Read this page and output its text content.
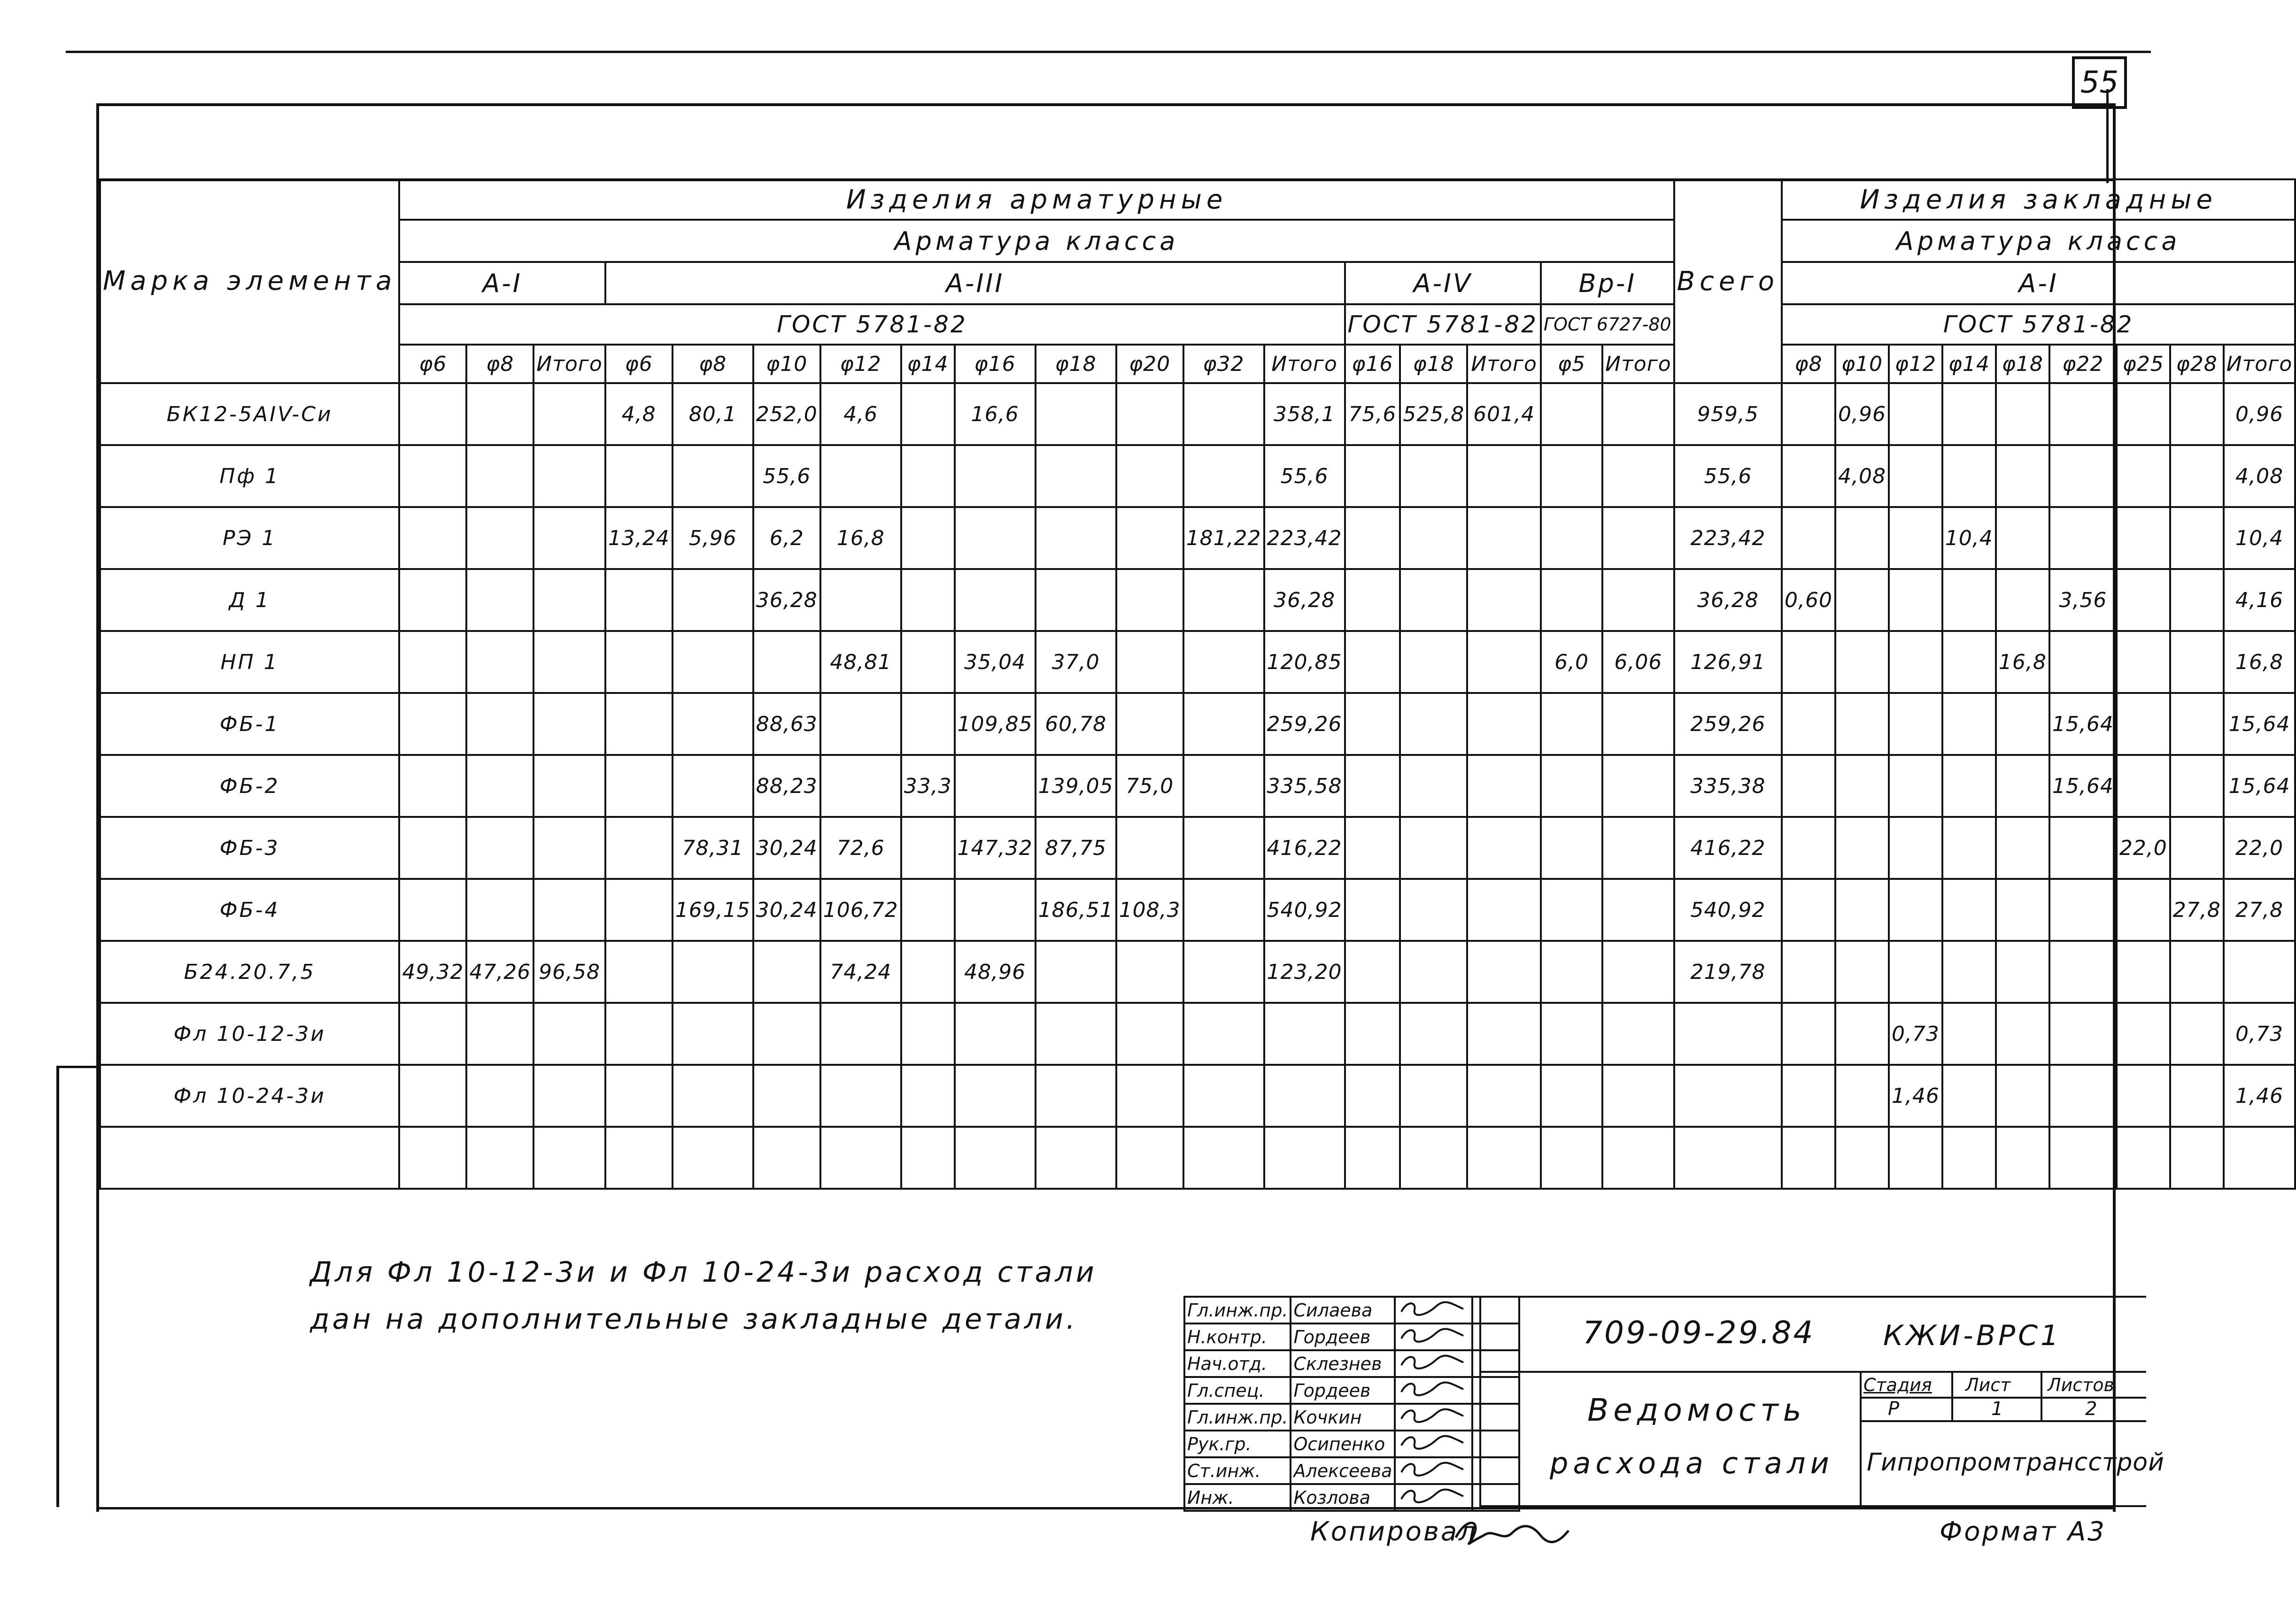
55
Марка элемента	Изделия арматурные																		Всего	Изделия закладные								
	Арматура класса																			Арматура класса								
	А-I			А-III										А-IV			Вр-I			А-I								
	ГОСТ 5781-82													ГОСТ 5781-82			ГОСТ 6727-80			ГОСТ 5781-82								
	φ6	φ8	Итого	φ6	φ8	φ10	φ12	φ14	φ16	φ18	φ20	φ32	Итого	φ16	φ18	Итого	φ5	Итого		φ8	φ10	φ12	φ14	φ18	φ22	φ25	φ28	Итого
БК12-5АIV-Си				4,8	80,1	252,0	4,6		16,6				358,1	75,6	525,8	601,4			959,5		0,96							0,96
Пф 1						55,6							55,6						55,6		4,08							4,08
РЭ 1				13,24	5,96	6,2	16,8					181,22	223,42						223,42				10,4					10,4
Д 1						36,28							36,28						36,28	0,60					3,56			4,16
НП 1							48,81		35,04	37,0			120,85				6,0	6,06	126,91					16,8				16,8
ФБ-1						88,63			109,85	60,78			259,26						259,26						15,64			15,64
ФБ-2						88,23		33,3		139,05	75,0		335,58						335,38						15,64			15,64
ФБ-3					78,31	30,24	72,6		147,32	87,75			416,22						416,22							22,0		22,0
ФБ-4					169,15	30,24	106,72			186,51	108,3		540,92						540,92								27,8	27,8
Б24.20.7,5	49,32	47,26	96,58				74,24		48,96				123,20						219,78									
Фл 10-12-3и																						0,73						0,73
Фл 10-24-3и																						1,46						1,46

Для Фл 10-12-3и и Фл 10-24-3и расход стали
дан на дополнительные закладные детали.	Гл.инж.пр.	Силаева		
Н.контр.	Гордеев		
Нач.отд.	Склезнев		
Гл.спец.	Гордеев		
Гл.инж.пр.	Кочкин		
Рук.гр.	Осипенко		
Ст.инж.	Алексеева		
Инж.	Козлова		
709-09-29.84 КЖИ-ВРС1
Ведомость
расхода стали
Стадия Лист Листов
Р	1	2
Гипропромтрансстрой
Копировал	Формат А3
